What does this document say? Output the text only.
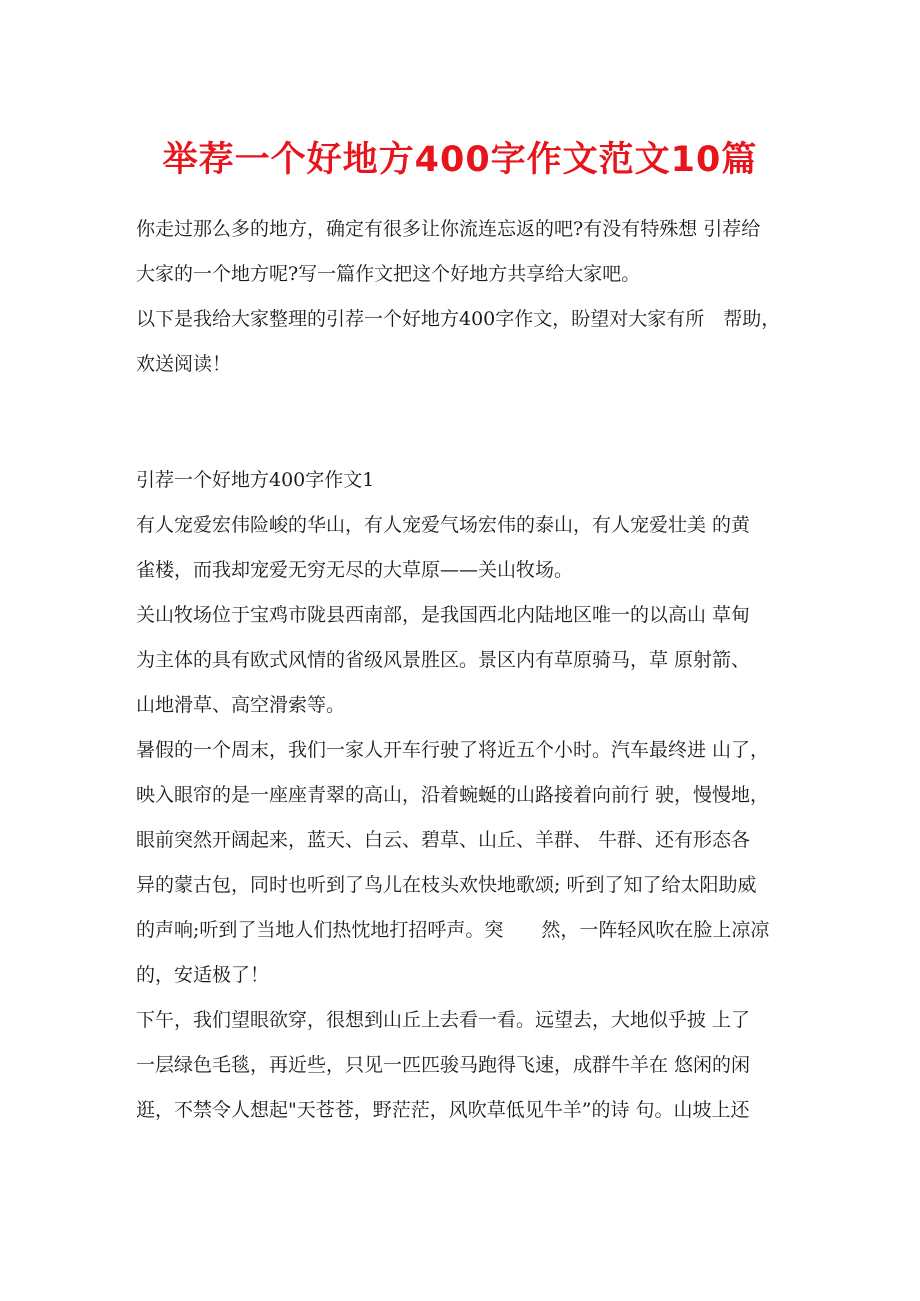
举荐一个好地方400字作文范文10篇

你走过那么多的地方，确定有很多让你流连忘返的吧?有没有特殊想 引荐给

大家的一个地方呢?写一篇作文把这个好地方共享给大家吧。

以下是我给大家整理的引荐一个好地方400字作文，盼望对大家有所　帮助，

欢送阅读！

引荐一个好地方400字作文1

有人宠爱宏伟险峻的华山，有人宠爱气场宏伟的泰山，有人宠爱壮美 的黄

雀楼，而我却宠爱无穷无尽的大草原——关山牧场。

关山牧场位于宝鸡市陇县西南部，是我国西北内陆地区唯一的以高山 草甸

为主体的具有欧式风情的省级风景胜区。景区内有草原骑马，草 原射箭、

山地滑草、高空滑索等。

暑假的一个周末，我们一家人开车行驶了将近五个小时。汽车最终进 山了，

映入眼帘的是一座座青翠的高山，沿着蜿蜒的山路接着向前行 驶，慢慢地，

眼前突然开阔起来，蓝天、白云、碧草、山丘、羊群、 牛群、还有形态各

异的蒙古包，同时也听到了鸟儿在枝头欢快地歌颂; 听到了知了给太阳助威

的声响;听到了当地人们热忱地打招呼声。突　　然，一阵轻风吹在脸上凉凉

的，安适极了！

下午，我们望眼欲穿，很想到山丘上去看一看。远望去，大地似乎披 上了

一层绿色毛毯，再近些，只见一匹匹骏马跑得飞速，成群牛羊在 悠闲的闲

逛，不禁令人想起"天苍苍，野茫茫，风吹草低见牛羊”的诗 句。山坡上还
